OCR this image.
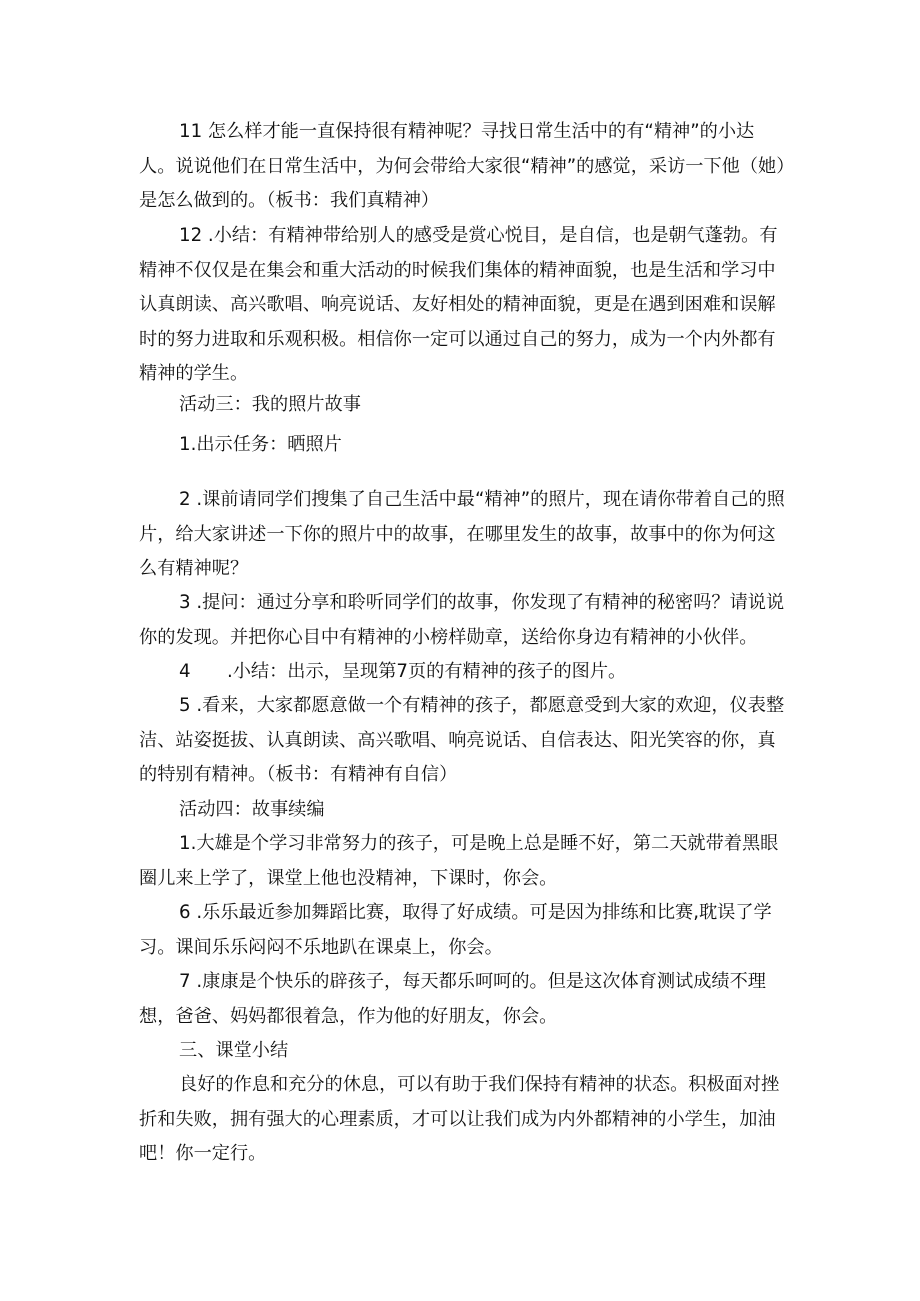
11 怎么样才能一直保持很有精神呢？寻找日常生活中的有“精神”的小达人。说说他们在日常生活中，为何会带给大家很“精神”的感觉，采访一下他（她）是怎么做到的。（板书：我们真精神）

12 .小结：有精神带给别人的感受是赏心悦目，是自信，也是朝气蓬勃。有精神不仅仅是在集会和重大活动的时候我们集体的精神面貌，也是生活和学习中认真朗读、高兴歌唱、响亮说话、友好相处的精神面貌，更是在遇到困难和误解时的努力进取和乐观积极。相信你一定可以通过自己的努力，成为一个内外都有精神的学生。

活动三：我的照片故事

1.出示任务：晒照片

2 .课前请同学们搜集了自己生活中最“精神”的照片，现在请你带着自己的照片，给大家讲述一下你的照片中的故事，在哪里发生的故事，故事中的你为何这么有精神呢？

3 .提问：通过分享和聆听同学们的故事，你发现了有精神的秘密吗？请说说你的发现。并把你心目中有精神的小榜样勋章，送给你身边有精神的小伙伴。

4　　.小结：出示，呈现第7页的有精神的孩子的图片。

5 .看来，大家都愿意做一个有精神的孩子，都愿意受到大家的欢迎，仪表整洁、站姿挺拔、认真朗读、高兴歌唱、响亮说话、自信表达、阳光笑容的你，真的特别有精神。（板书：有精神有自信）

活动四：故事续编

1.大雄是个学习非常努力的孩子，可是晚上总是睡不好，第二天就带着黑眼圈儿来上学了，课堂上他也没精神，下课时，你会。

6 .乐乐最近参加舞蹈比赛，取得了好成绩。可是因为排练和比赛,耽误了学习。课间乐乐闷闷不乐地趴在课桌上，你会。

7 .康康是个快乐的辟孩子，每天都乐呵呵的。但是这次体育测试成绩不理想，爸爸、妈妈都很着急，作为他的好朋友，你会。

三、课堂小结

良好的作息和充分的休息，可以有助于我们保持有精神的状态。积极面对挫折和失败，拥有强大的心理素质，才可以让我们成为内外都精神的小学生，加油吧！你一定行。
